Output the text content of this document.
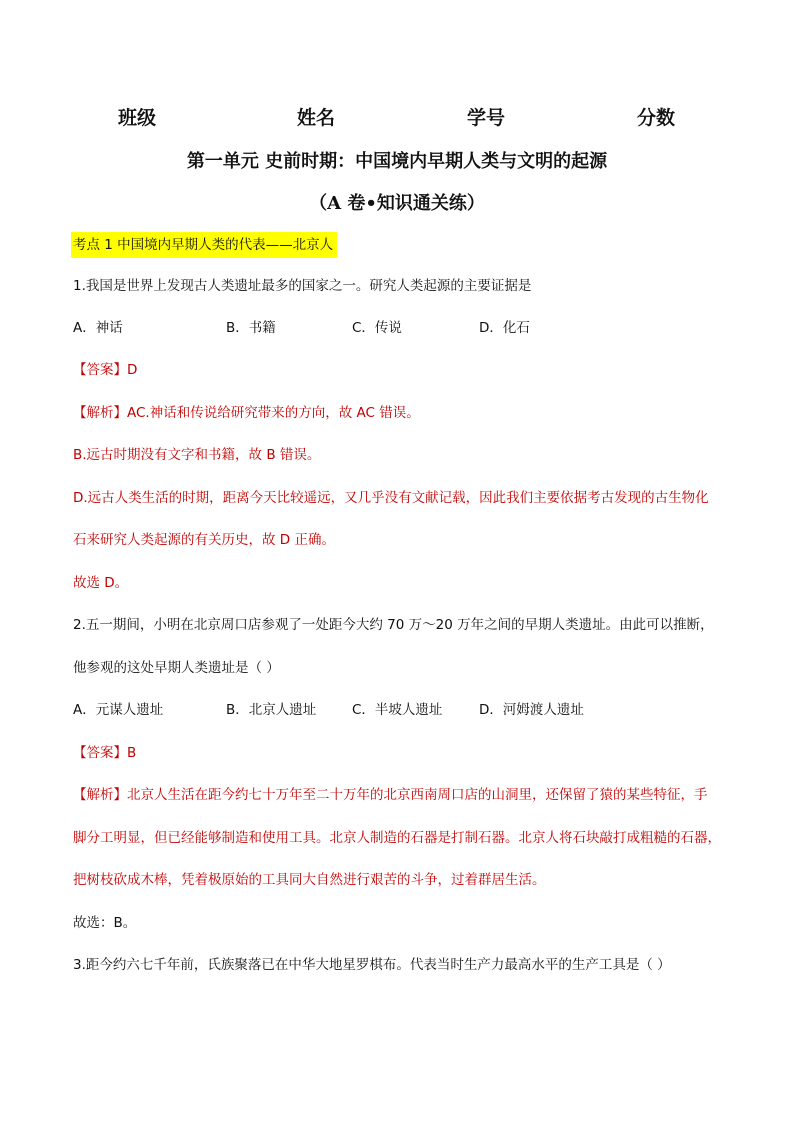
班级	姓名	学号	分数
第一单元 史前时期：中国境内早期人类与文明的起源
（A 卷•知识通关练）
考点 1 中国境内早期人类的代表——北京人
1.我国是世界上发现古人类遗址最多的国家之一。研究人类起源的主要证据是
A．神话	B．书籍	C．传说	D．化石
【答案】D
【解析】AC.神话和传说给研究带来的方向，故 AC 错误。
B.远古时期没有文字和书籍，故 B 错误。
D.远古人类生活的时期，距离今天比较遥远，又几乎没有文献记载，因此我们主要依据考古发现的古生物化
石来研究人类起源的有关历史，故 D 正确。
故选 D。
2.五一期间，小明在北京周口店参观了一处距今大约 70 万～20 万年之间的早期人类遗址。由此可以推断，
他参观的这处早期人类遗址是（ ）
A．元谋人遗址	B．北京人遗址	C．半坡人遗址	D．河姆渡人遗址
【答案】B
【解析】北京人生活在距今约七十万年至二十万年的北京西南周口店的山洞里，还保留了猿的某些特征，手
脚分工明显，但已经能够制造和使用工具。北京人制造的石器是打制石器。北京人将石块敲打成粗糙的石器，
把树枝砍成木棒，凭着极原始的工具同大自然进行艰苦的斗争，过着群居生活。
故选：B。
3.距今约六七千年前，氏族聚落已在中华大地星罗棋布。代表当时生产力最高水平的生产工具是（ ）
